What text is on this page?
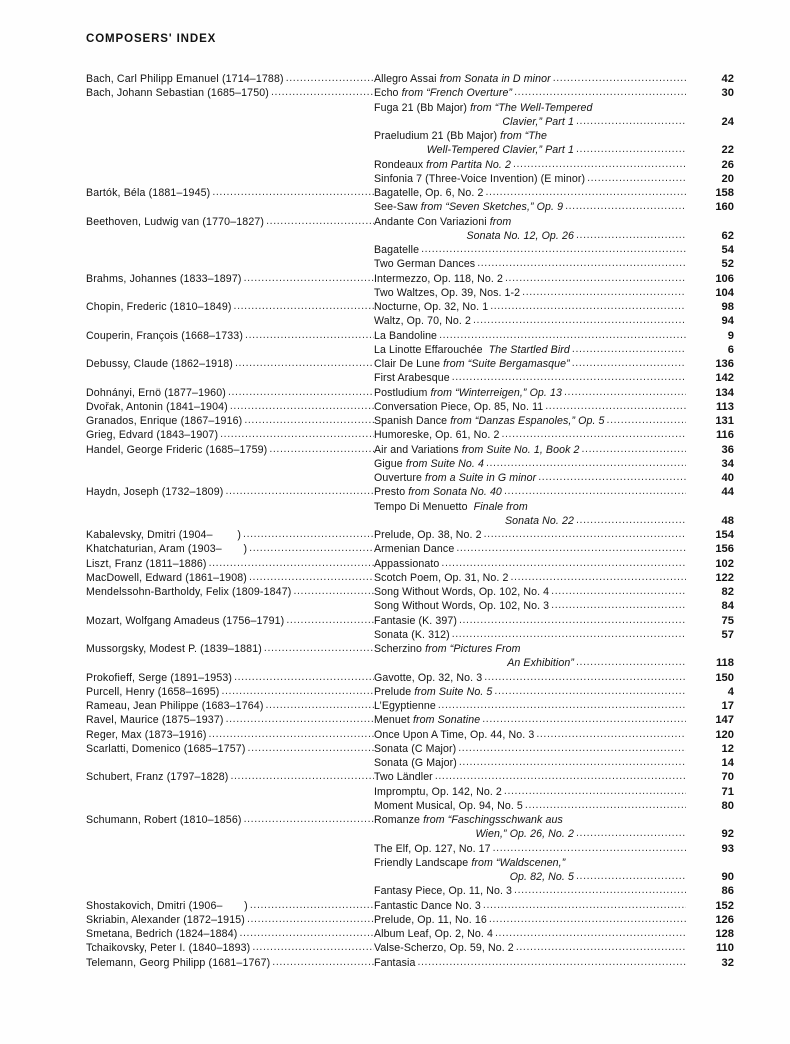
COMPOSERS' INDEX
Bach, Carl Philipp Emanuel (1714–1788) .....	Allegro Assai from Sonata in D minor .....	42
Bach, Johann Sebastian (1685–1750) .....	Echo from “French Overture” .....	30
Fuga 21 (Bb Major) from “The Well-Tempered
Clavier,” Part 1 .....	24
Praeludium 21 (Bb Major) from “The
Well-Tempered Clavier,” Part 1 .....	22
Rondeaux from Partita No. 2 .....	26
Sinfonia 7 (Three-Voice Invention) (E minor) .....	20
Bartók, Béla (1881–1945) .....	Bagatelle, Op. 6, No. 2 .....	158
See-Saw from “Seven Sketches,” Op. 9 .....	160
Beethoven, Ludwig van (1770–1827) .....	Andante Con Variazioni from
Sonata No. 12, Op. 26 .....	62
Bagatelle .....	54
Two German Dances .....	52
Brahms, Johannes (1833–1897) .....	Intermezzo, Op. 118, No. 2 .....	106
Two Waltzes, Op. 39, Nos. 1-2 .....	104
Chopin, Frederic (1810–1849) .....	Nocturne, Op. 32, No. 1 .....	98
Waltz, Op. 70, No. 2 .....	94
Couperin, François (1668–1733) .....	La Bandoline .....	9
La Linotte Effarouchée  The Startled Bird .....	6
Debussy, Claude (1862–1918) .....	Clair De Lune from “Suite Bergamasque” .....	136
First Arabesque .....	142
Dohnányi, Ernö (1877–1960) .....	Postludium from “Winterreigen,” Op. 13 .....	134
Dvořak, Antonin (1841–1904) .....	Conversation Piece, Op. 85, No. 11 .....	113
Granados, Enrique (1867–1916) .....	Spanish Dance from “Danzas Espanoles,” Op. 5 .....	131
Grieg, Edvard (1843–1907) .....	Humoreske, Op. 61, No. 2 .....	116
Handel, George Frideric (1685–1759) .....	Air and Variations from Suite No. 1, Book 2 .....	36
Gigue from Suite No. 4 .....	34
Ouverture from a Suite in G minor .....	40
Haydn, Joseph (1732–1809) .....	Presto from Sonata No. 40 .....	44
Tempo Di Menuetto  Finale from
Sonata No. 22 .....	48
Kabalevsky, Dmitri (1904–        ) .....	Prelude, Op. 38, No. 2 .....	154
Khatchaturian, Aram (1903–       ) .....	Armenian Dance .....	156
Liszt, Franz (1811–1886) .....	Appassionato .....	102
MacDowell, Edward (1861–1908) .....	Scotch Poem, Op. 31, No. 2 .....	122
Mendelssohn-Bartholdy, Felix (1809-1847) .....	Song Without Words, Op. 102, No. 4 .....	82
Song Without Words, Op. 102, No. 3 .....	84
Mozart, Wolfgang Amadeus (1756–1791) .....	Fantasie (K. 397) .....	75
Sonata (K. 312) .....	57
Mussorgsky, Modest P. (1839–1881) .....	Scherzino from “Pictures From
An Exhibition” .....	118
Prokofieff, Serge (1891–1953) .....	Gavotte, Op. 32, No. 3 .....	150
Purcell, Henry (1658–1695) .....	Prelude from Suite No. 5 .....	4
Rameau, Jean Philippe (1683–1764) .....	L’Egyptienne .....	17
Ravel, Maurice (1875–1937) .....	Menuet from Sonatine .....	147
Reger, Max (1873–1916) .....	Once Upon A Time, Op. 44, No. 3 .....	120
Scarlatti, Domenico (1685–1757) .....	Sonata (C Major) .....	12
Sonata (G Major) .....	14
Schubert, Franz (1797–1828) .....	Two Ländler .....	70
Impromptu, Op. 142, No. 2 .....	71
Moment Musical, Op. 94, No. 5 .....	80
Schumann, Robert (1810–1856) .....	Romanze from “Faschingsschwank aus
Wien,” Op. 26, No. 2 .....	92
The Elf, Op. 127, No. 17 .....	93
Friendly Landscape from “Waldscenen,”
Op. 82, No. 5 .....	90
Fantasy Piece, Op. 11, No. 3 .....	86
Shostakovich, Dmitri (1906–       ) .....	Fantastic Dance No. 3 .....	152
Skriabin, Alexander (1872–1915) .....	Prelude, Op. 11, No. 16 .....	126
Smetana, Bedrich (1824–1884) .....	Album Leaf, Op. 2, No. 4 .....	128
Tchaikovsky, Peter I. (1840–1893) .....	Valse-Scherzo, Op. 59, No. 2 .....	110
Telemann, Georg Philipp (1681–1767) .....	Fantasia .....	32
